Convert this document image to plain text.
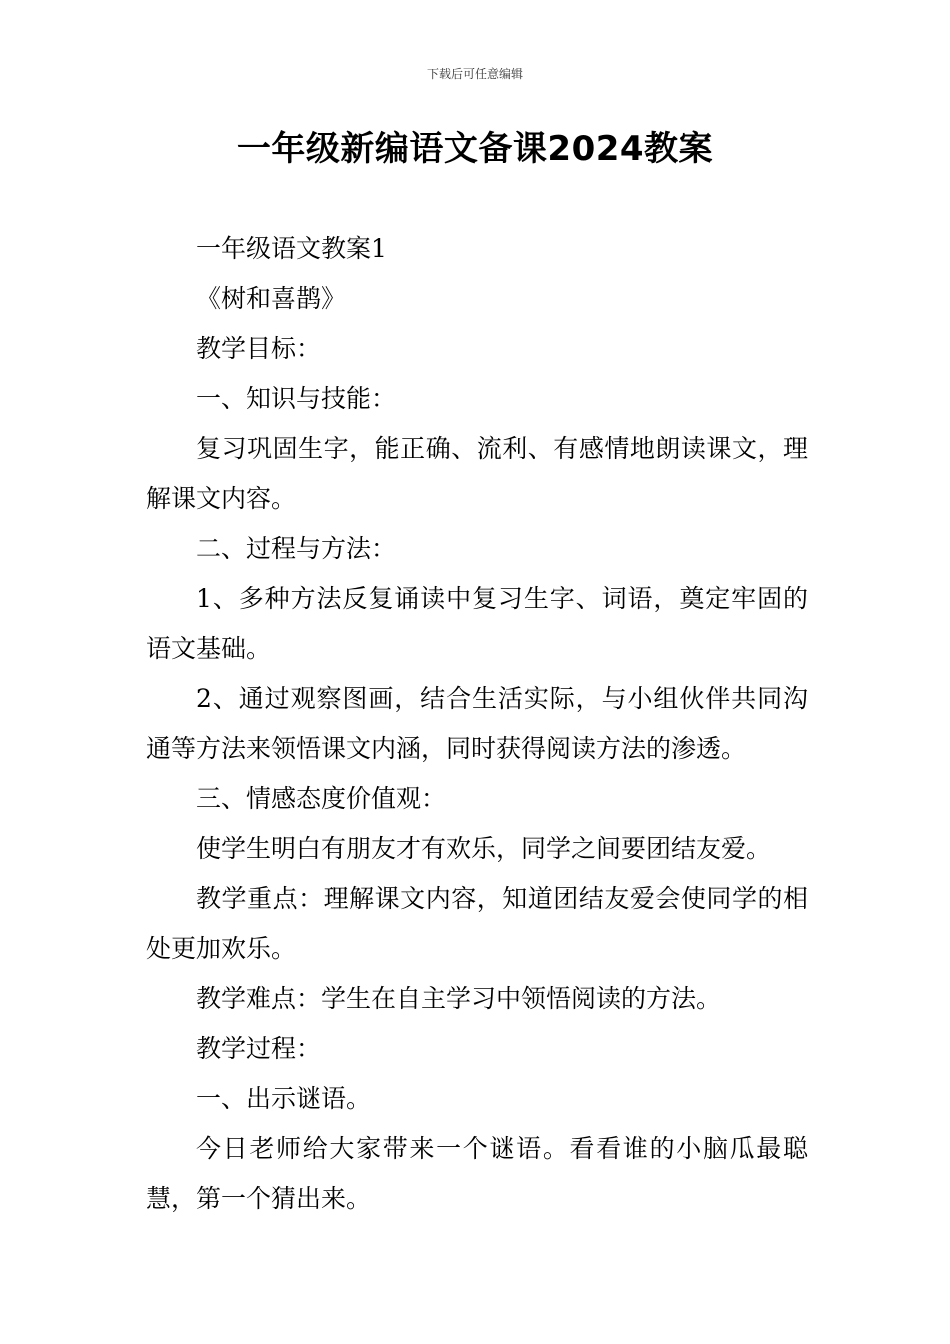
下载后可任意编辑
一年级新编语文备课2024教案

一年级语文教案1

《树和喜鹊》

教学目标：

一、知识与技能：

复习巩固生字，能正确、流利、有感情地朗读课文，理解课文内容。

二、过程与方法：

1、多种方法反复诵读中复习生字、词语，奠定牢固的语文基础。

2、通过观察图画，结合生活实际，与小组伙伴共同沟通等方法来领悟课文内涵，同时获得阅读方法的渗透。

三、情感态度价值观：

使学生明白有朋友才有欢乐，同学之间要团结友爱。

教学重点：理解课文内容，知道团结友爱会使同学的相处更加欢乐。

教学难点：学生在自主学习中领悟阅读的方法。

教学过程：

一、出示谜语。

今日老师给大家带来一个谜语。看看谁的小脑瓜最聪慧，第一个猜出来。
